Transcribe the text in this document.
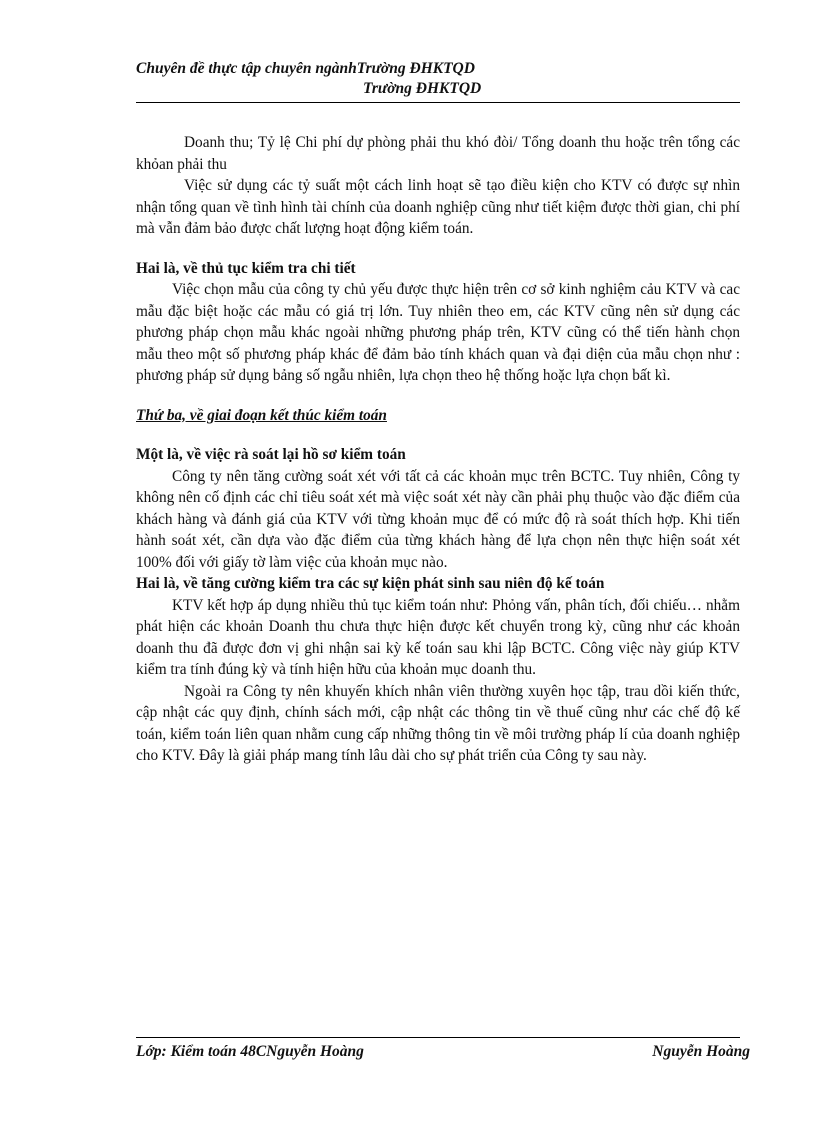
Chuyên đề thực tập chuyên ngànhTrường ĐHKTQD
Trường ĐHKTQD

Doanh thu; Tỷ lệ Chi phí dự phòng phải thu khó đòi/ Tổng doanh thu hoặc trên tổng các khỏan phải thu

Việc sử dụng các tỷ suất một cách linh hoạt sẽ tạo điều kiện cho KTV có được sự nhìn nhận tổng quan về tình hình tài chính của doanh nghiệp cũng như tiết kiệm được thời gian, chi phí mà vẫn đảm bảo được chất lượng hoạt động kiểm toán.

Hai là, về thủ tục kiểm tra chi tiết

Việc chọn mẫu của công ty chủ yếu được thực hiện trên cơ sở kinh nghiệm cảu KTV và cac mẫu đặc biệt hoặc các mẫu có giá trị lớn. Tuy nhiên theo em, các KTV cũng nên sử dụng các phương pháp chọn mẫu khác ngoài những phương pháp trên, KTV cũng có thể tiến hành chọn mẫu theo một số phương pháp khác để đảm bảo tính khách quan và đại diện của mẫu chọn như : phương pháp sử dụng bảng số ngẫu nhiên, lựa chọn theo hệ thống hoặc lựa chọn bất kì.

Thứ ba, về giai đoạn kết thúc kiểm toán

Một là, về việc rà soát lại hồ sơ kiểm toán

Công ty nên tăng cường soát xét với tất cả các khoản mục trên BCTC. Tuy nhiên, Công ty không nên cố định các chỉ tiêu soát xét mà việc soát xét này cần phải phụ thuộc vào đặc điểm của khách hàng và đánh giá của KTV với từng khoản mục để có mức độ rà soát thích hợp. Khi tiến hành soát xét, cần dựa vào đặc điểm của từng khách hàng để lựa chọn nên thực hiện soát xét 100% đối với giấy tờ làm việc của khoản mục nào.

Hai là, về tăng cường kiểm tra các sự kiện phát sinh sau niên độ kế toán

KTV kết hợp áp dụng nhiều thủ tục kiểm toán như: Phỏng vấn, phân tích, đối chiếu… nhằm phát hiện các khoản Doanh thu chưa thực hiện được kết chuyển trong kỳ, cũng như các khoản doanh thu đã được đơn vị ghi nhận sai kỳ kế toán sau khi lập BCTC. Công việc này giúp KTV kiểm tra tính đúng kỳ và tính hiện hữu của khoản mục doanh thu.

Ngoài ra Công ty nên khuyến khích nhân viên thường xuyên học tập, trau dồi kiến thức, cập nhật các quy định, chính sách mới, cập nhật các thông tin về thuế cũng như các chế độ kế toán, kiểm toán liên quan nhằm cung cấp những thông tin về môi trường pháp lí của doanh nghiệp cho KTV. Đây là giải pháp mang tính lâu dài cho sự phát triển của Công ty sau này.

Lớp: Kiểm toán 48CNguyễn Hoàng	Nguyễn Hoàng
